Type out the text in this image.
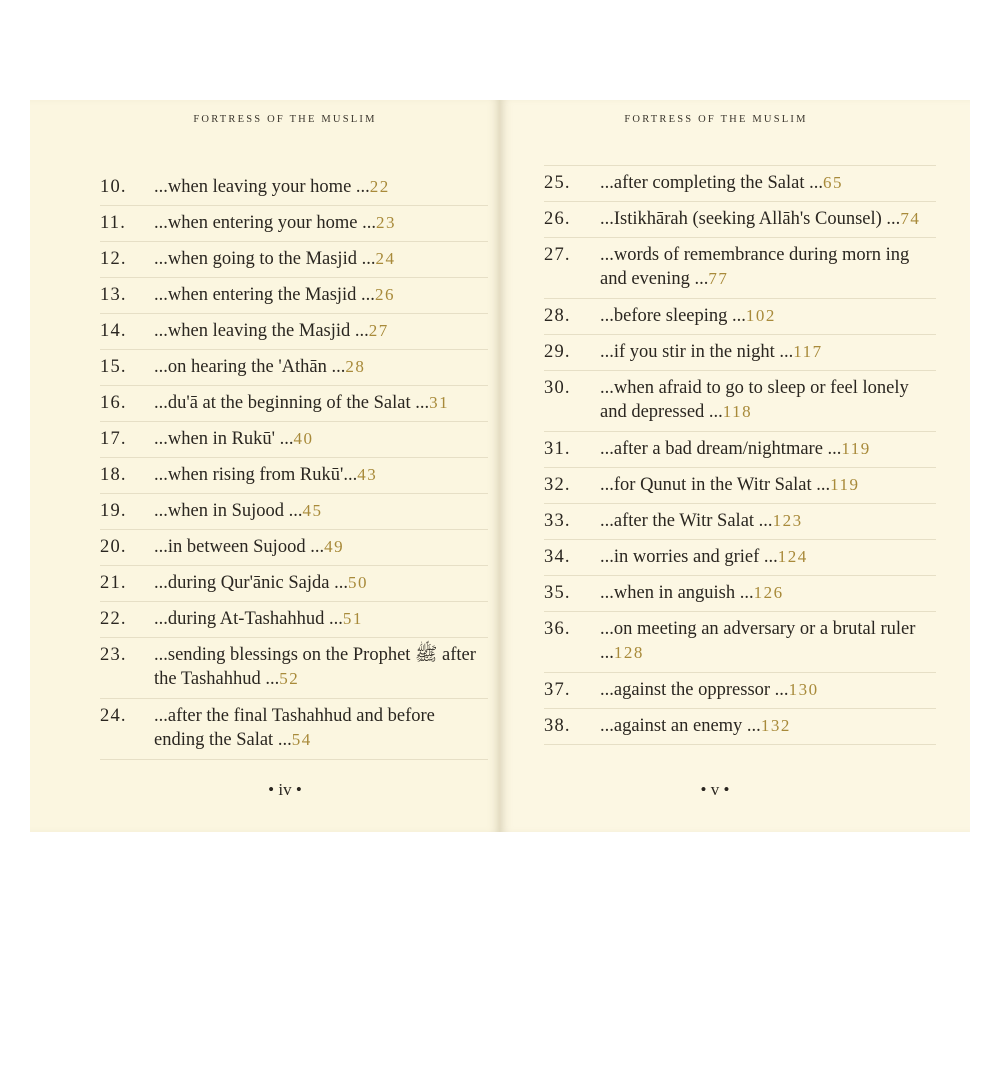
FORTRESS OF THE MUSLIM
10.	...when leaving your home ...22
11.	...when entering your home ...23
12.	...when going to the Masjid ...24
13.	...when entering the Masjid ...26
14.	...when leaving the Masjid ...27
15.	...on hearing the 'Athān ...28
16.	...du'ā at the beginning of the Salat ...31
17.	...when in Rukū' ...40
18.	...when rising from Rukū'...43
19.	...when in Sujood ...45
20.	...in between Sujood ...49
21.	...during Qur'ānic Sajda ...50
22.	...during At-Tashahhud ...51
23.	...sending blessings on the Prophet ﷺ after the Tashahhud ...52
24.	...after the final Tashahhud and before ending the Salat ...54
• iv •
FORTRESS OF THE MUSLIM
25.	...after completing the Salat ...65
26.	...Istikhārah (seeking Allāh's Counsel) ...74
27.	...words of remembrance during morn ing and evening ...77
28.	...before sleeping ...102
29.	...if you stir in the night ...117
30.	...when afraid to go to sleep or feel lonely and depressed ...118
31.	...after a bad dream/nightmare ...119
32.	...for Qunut in the Witr Salat ...119
33.	...after the Witr Salat ...123
34.	...in worries and grief ...124
35.	...when in anguish ...126
36.	...on meeting an adversary or a brutal ruler ...128
37.	...against the oppressor ...130
38.	...against an enemy ...132
• v •
